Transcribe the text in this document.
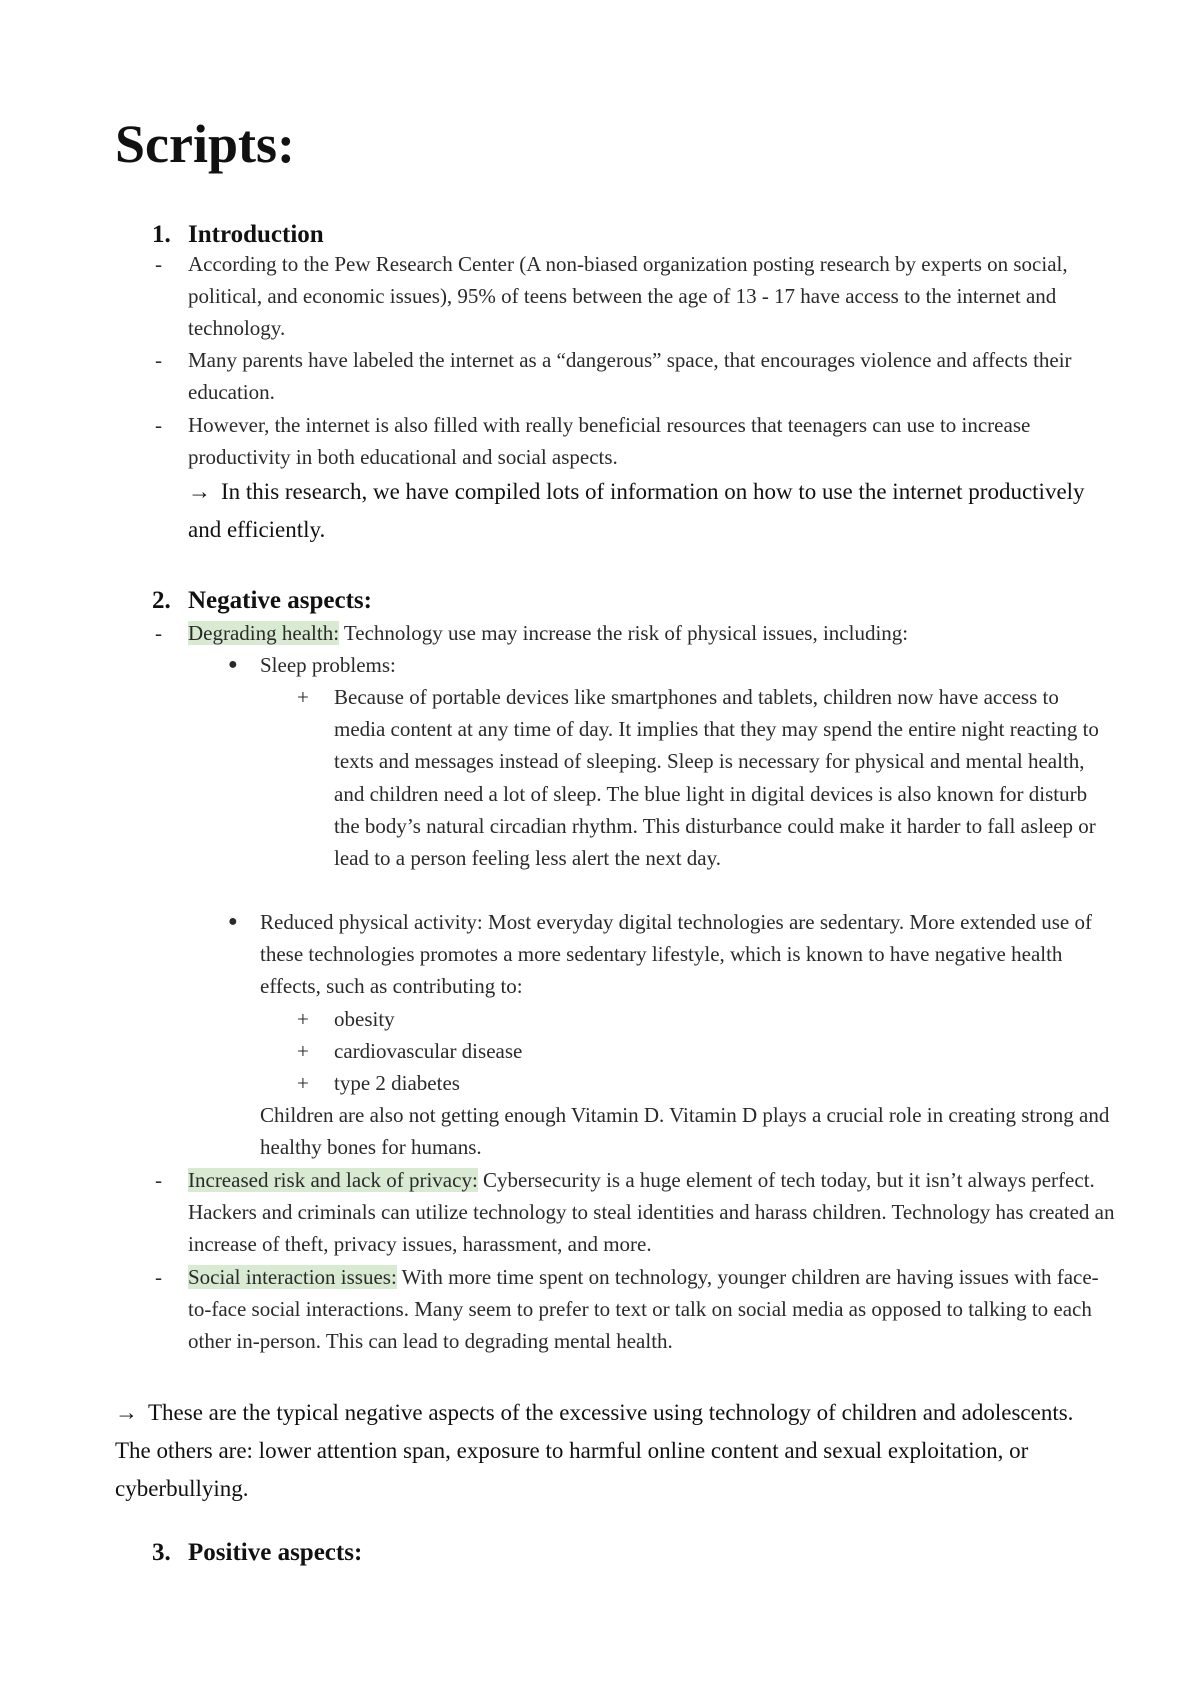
Scripts:
1. Introduction
-	According to the Pew Research Center (A non-biased organization posting research by experts on social, political, and economic issues), 95% of teens between the age of 13 - 17 have access to the internet and technology.
-	Many parents have labeled the internet as a “dangerous” space, that encourages violence and affects their education.
-	However, the internet is also filled with really beneficial resources that teenagers can use to increase productivity in both educational and social aspects.
→ In this research, we have compiled lots of information on how to use the internet productively and efficiently.
2. Negative aspects:
-	Degrading health: Technology use may increase the risk of physical issues, including:
● Sleep problems:
+ Because of portable devices like smartphones and tablets, children now have access to media content at any time of day. It implies that they may spend the entire night reacting to texts and messages instead of sleeping. Sleep is necessary for physical and mental health, and children need a lot of sleep. The blue light in digital devices is also known for disturb the body’s natural circadian rhythm. This disturbance could make it harder to fall asleep or lead to a person feeling less alert the next day.
● Reduced physical activity: Most everyday digital technologies are sedentary. More extended use of these technologies promotes a more sedentary lifestyle, which is known to have negative health effects, such as contributing to:
+ obesity
+ cardiovascular disease
+ type 2 diabetes
Children are also not getting enough Vitamin D. Vitamin D plays a crucial role in creating strong and healthy bones for humans.
-	Increased risk and lack of privacy: Cybersecurity is a huge element of tech today, but it isn’t always perfect. Hackers and criminals can utilize technology to steal identities and harass children. Technology has created an increase of theft, privacy issues, harassment, and more.
-	Social interaction issues: With more time spent on technology, younger children are having issues with face-to-face social interactions. Many seem to prefer to text or talk on social media as opposed to talking to each other in-person. This can lead to degrading mental health.
→ These are the typical negative aspects of the excessive using technology of children and adolescents. The others are: lower attention span, exposure to harmful online content and sexual exploitation, or cyberbullying.
3. Positive aspects:
